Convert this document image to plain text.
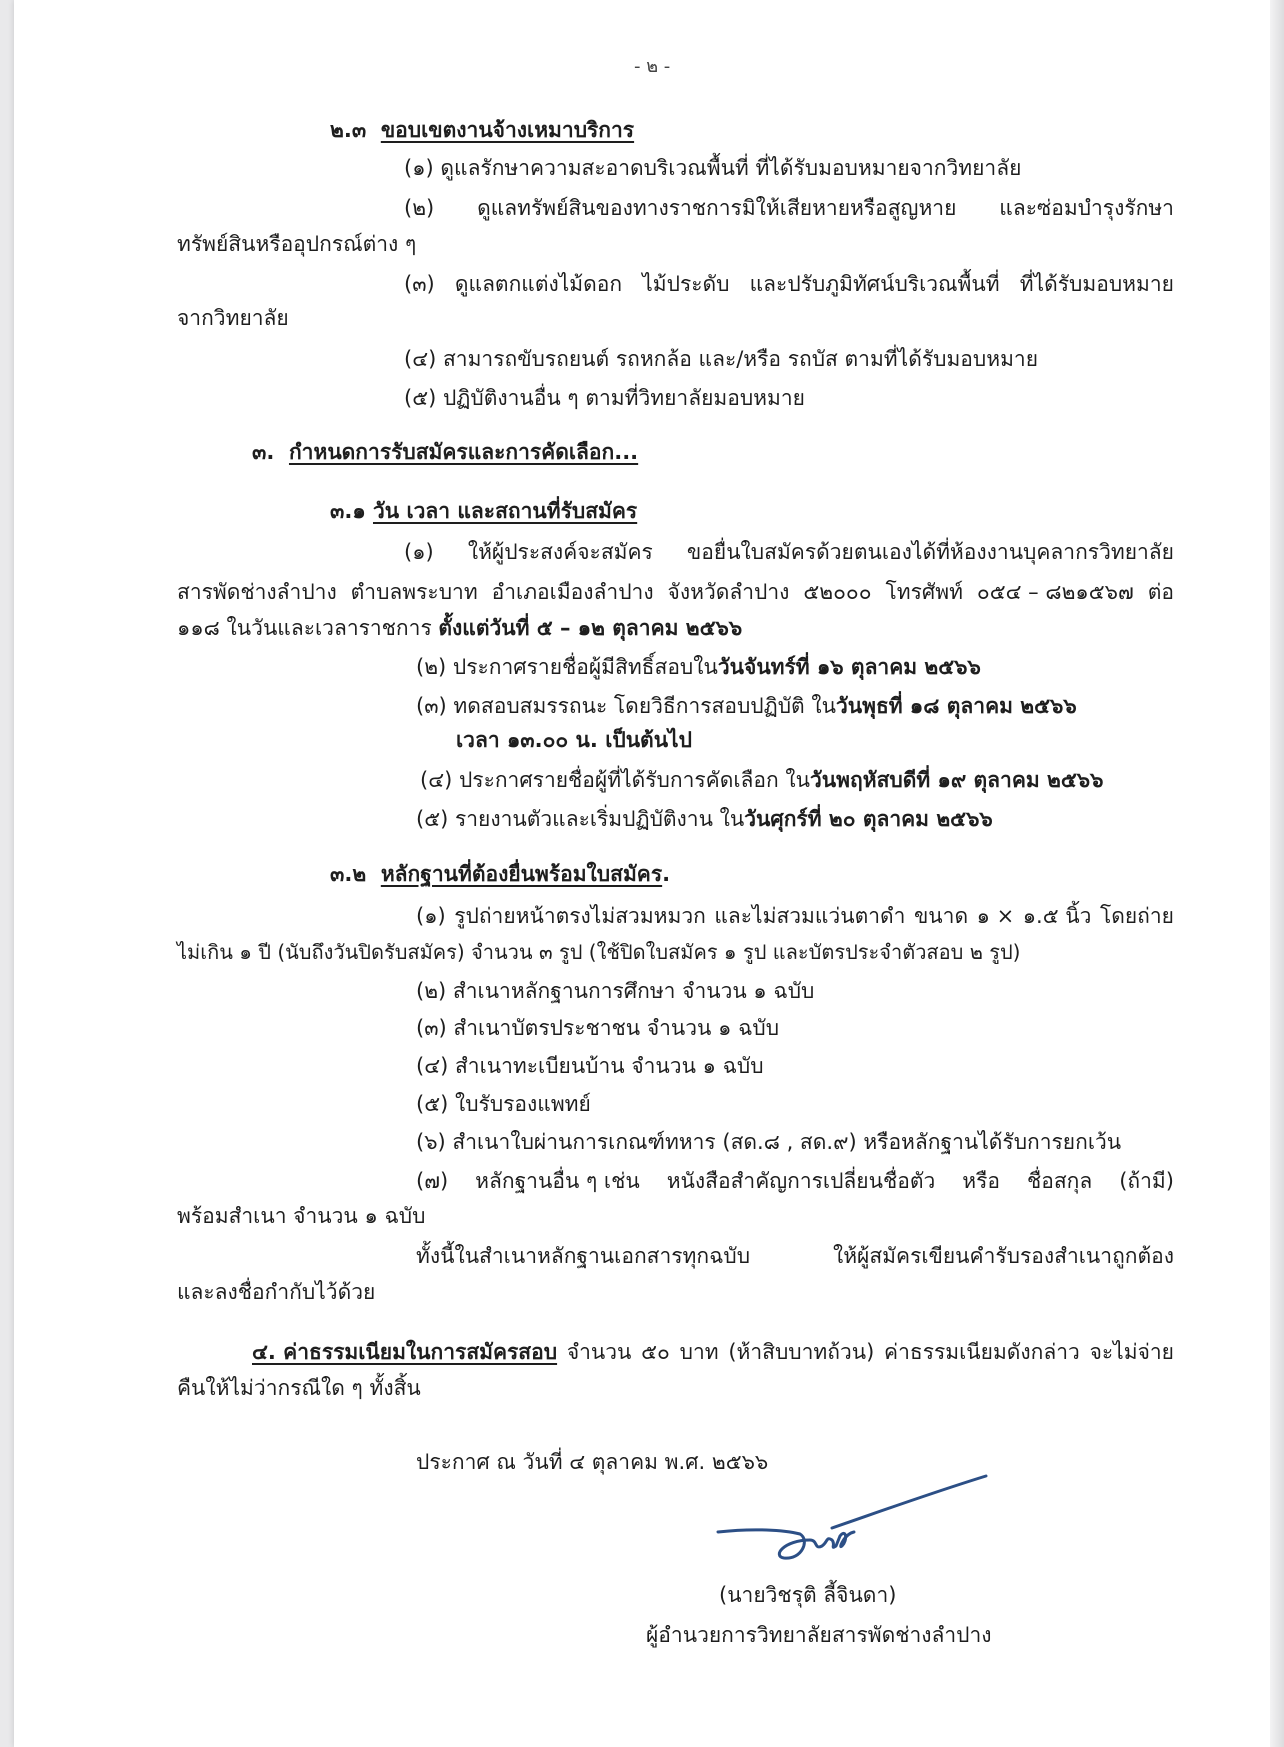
- ๒ -
๒.๓ ขอบเขตงานจ้างเหมาบริการ
(๑) ดูแลรักษาความสะอาดบริเวณพื้นที่ ที่ได้รับมอบหมายจากวิทยาลัย
(๒) ดูแลทรัพย์สินของทางราชการมิให้เสียหายหรือสูญหาย และซ่อมบำรุงรักษา
ทรัพย์สินหรืออุปกรณ์ต่าง ๆ
(๓) ดูแลตกแต่งไม้ดอก ไม้ประดับ และปรับภูมิทัศน์บริเวณพื้นที่ ที่ได้รับมอบหมาย
จากวิทยาลัย
(๔) สามารถขับรถยนต์ รถหกล้อ และ/หรือ รถบัส ตามที่ได้รับมอบหมาย
(๕) ปฏิบัติงานอื่น ๆ ตามที่วิทยาลัยมอบหมาย
๓. กำหนดการรับสมัครและการคัดเลือก...
๓.๑ วัน เวลา และสถานที่รับสมัคร
(๑) ให้ผู้ประสงค์จะสมัคร ขอยื่นใบสมัครด้วยตนเองได้ที่ห้องงานบุคลากรวิทยาลัย
สารพัดช่างลำปาง ตำบลพระบาท อำเภอเมืองลำปาง จังหวัดลำปาง ๕๒๐๐๐ โทรศัพท์ ๐๕๔ – ๘๒๑๕๖๗ ต่อ
๑๑๘ ในวันและเวลาราชการ ตั้งแต่วันที่ ๕ – ๑๒ ตุลาคม ๒๕๖๖
(๒) ประกาศรายชื่อผู้มีสิทธิ์สอบในวันจันทร์ที่ ๑๖ ตุลาคม ๒๕๖๖
(๓) ทดสอบสมรรถนะ โดยวิธีการสอบปฏิบัติ ในวันพุธที่ ๑๘ ตุลาคม ๒๕๖๖
เวลา ๑๓.๐๐ น. เป็นต้นไป
(๔) ประกาศรายชื่อผู้ที่ได้รับการคัดเลือก ในวันพฤหัสบดีที่ ๑๙ ตุลาคม ๒๕๖๖
(๕) รายงานตัวและเริ่มปฏิบัติงาน ในวันศุกร์ที่ ๒๐ ตุลาคม ๒๕๖๖
๓.๒ หลักฐานที่ต้องยื่นพร้อมใบสมัคร.
(๑) รูปถ่ายหน้าตรงไม่สวมหมวก และไม่สวมแว่นตาดำ ขนาด ๑ × ๑.๕ นิ้ว โดยถ่าย
ไม่เกิน ๑ ปี (นับถึงวันปิดรับสมัคร) จำนวน ๓ รูป (ใช้ปิดใบสมัคร ๑ รูป และบัตรประจำตัวสอบ ๒ รูป)
(๒) สำเนาหลักฐานการศึกษา จำนวน ๑ ฉบับ
(๓) สำเนาบัตรประชาชน จำนวน ๑ ฉบับ
(๔) สำเนาทะเบียนบ้าน จำนวน ๑ ฉบับ
(๕) ใบรับรองแพทย์
(๖) สำเนาใบผ่านการเกณฑ์ทหาร (สด.๘ , สด.๙) หรือหลักฐานได้รับการยกเว้น
(๗) หลักฐานอื่น ๆ เช่น หนังสือสำคัญการเปลี่ยนชื่อตัว หรือ ชื่อสกุล (ถ้ามี)
พร้อมสำเนา จำนวน ๑ ฉบับ
ทั้งนี้ในสำเนาหลักฐานเอกสารทุกฉบับ	ให้ผู้สมัครเขียนคำรับรองสำเนาถูกต้อง
และลงชื่อกำกับไว้ด้วย
๔. ค่าธรรมเนียมในการสมัครสอบ จำนวน ๕๐ บาท (ห้าสิบบาทถ้วน) ค่าธรรมเนียมดังกล่าว จะไม่จ่าย
คืนให้ไม่ว่ากรณีใด ๆ ทั้งสิ้น
ประกาศ ณ วันที่ ๔ ตุลาคม พ.ศ. ๒๕๖๖
(นายวิชรุติ ลี้จินดา)
ผู้อำนวยการวิทยาลัยสารพัดช่างลำปาง
